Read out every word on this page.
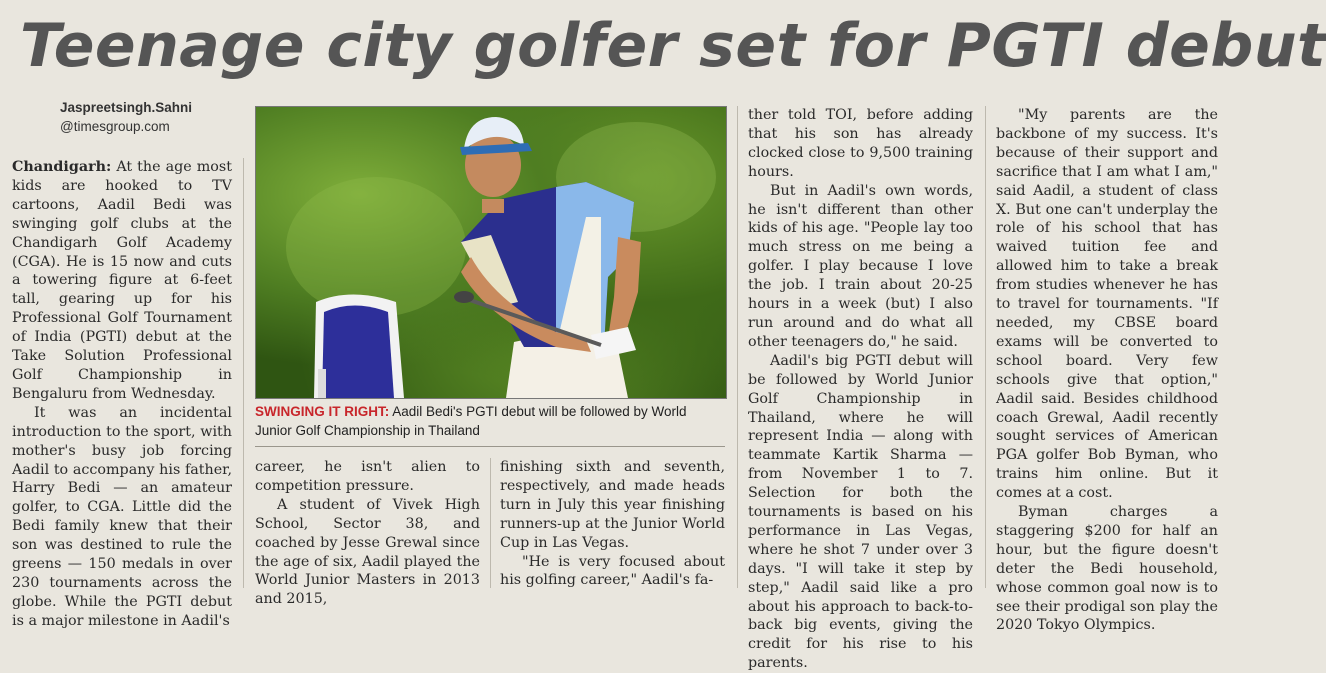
Teenage city golfer set for PGTI debut
Jaspreetsingh.Sahni
@timesgroup.com

Chandigarh: At the age most kids are hooked to TV cartoons, Aadil Bedi was swinging golf clubs at the Chandigarh Golf Academy (CGA). He is 15 now and cuts a towering figure at 6-feet tall, gearing up for his Professional Golf Tournament of India (PGTI) debut at the Take Solution Professional Golf Championship in Bengaluru from Wednesday.

It was an incidental introduction to the sport, with mother's busy job forcing Aadil to accompany his father, Harry Bedi — an amateur golfer, to CGA. Little did the Bedi family knew that their son was destined to rule the greens — 150 medals in over 230 tournaments across the globe. While the PGTI debut is a major milestone in Aadil's

SWINGING IT RIGHT: Aadil Bedi's PGTI debut will be followed by World Junior Golf Championship in Thailand

career, he isn't alien to competition pressure.

A student of Vivek High School, Sector 38, and coached by Jesse Grewal since the age of six, Aadil played the World Junior Masters in 2013 and 2015,

finishing sixth and seventh, respectively, and made heads turn in July this year finishing runners-up at the Junior World Cup in Las Vegas.

"He is very focused about his golfing career," Aadil's fa-

ther told TOI, before adding that his son has already clocked close to 9,500 training hours.

But in Aadil's own words, he isn't different than other kids of his age. "People lay too much stress on me being a golfer. I play because I love the job. I train about 20-25 hours in a week (but) I also run around and do what all other teenagers do," he said.

Aadil's big PGTI debut will be followed by World Junior Golf Championship in Thailand, where he will represent India — along with teammate Kartik Sharma — from November 1 to 7. Selection for both the tournaments is based on his performance in Las Vegas, where he shot 7 under over 3 days. "I will take it step by step," Aadil said like a pro about his approach to back-to-back big events, giving the credit for his rise to his parents.

"My parents are the backbone of my success. It's because of their support and sacrifice that I am what I am," said Aadil, a student of class X. But one can't underplay the role of his school that has waived tuition fee and allowed him to take a break from studies whenever he has to travel for tournaments. "If needed, my CBSE board exams will be converted to school board. Very few schools give that option," Aadil said. Besides childhood coach Grewal, Aadil recently sought services of American PGA golfer Bob Byman, who trains him online. But it comes at a cost.

Byman charges a staggering $200 for half an hour, but the figure doesn't deter the Bedi household, whose common goal now is to see their prodigal son play the 2020 Tokyo Olympics.
